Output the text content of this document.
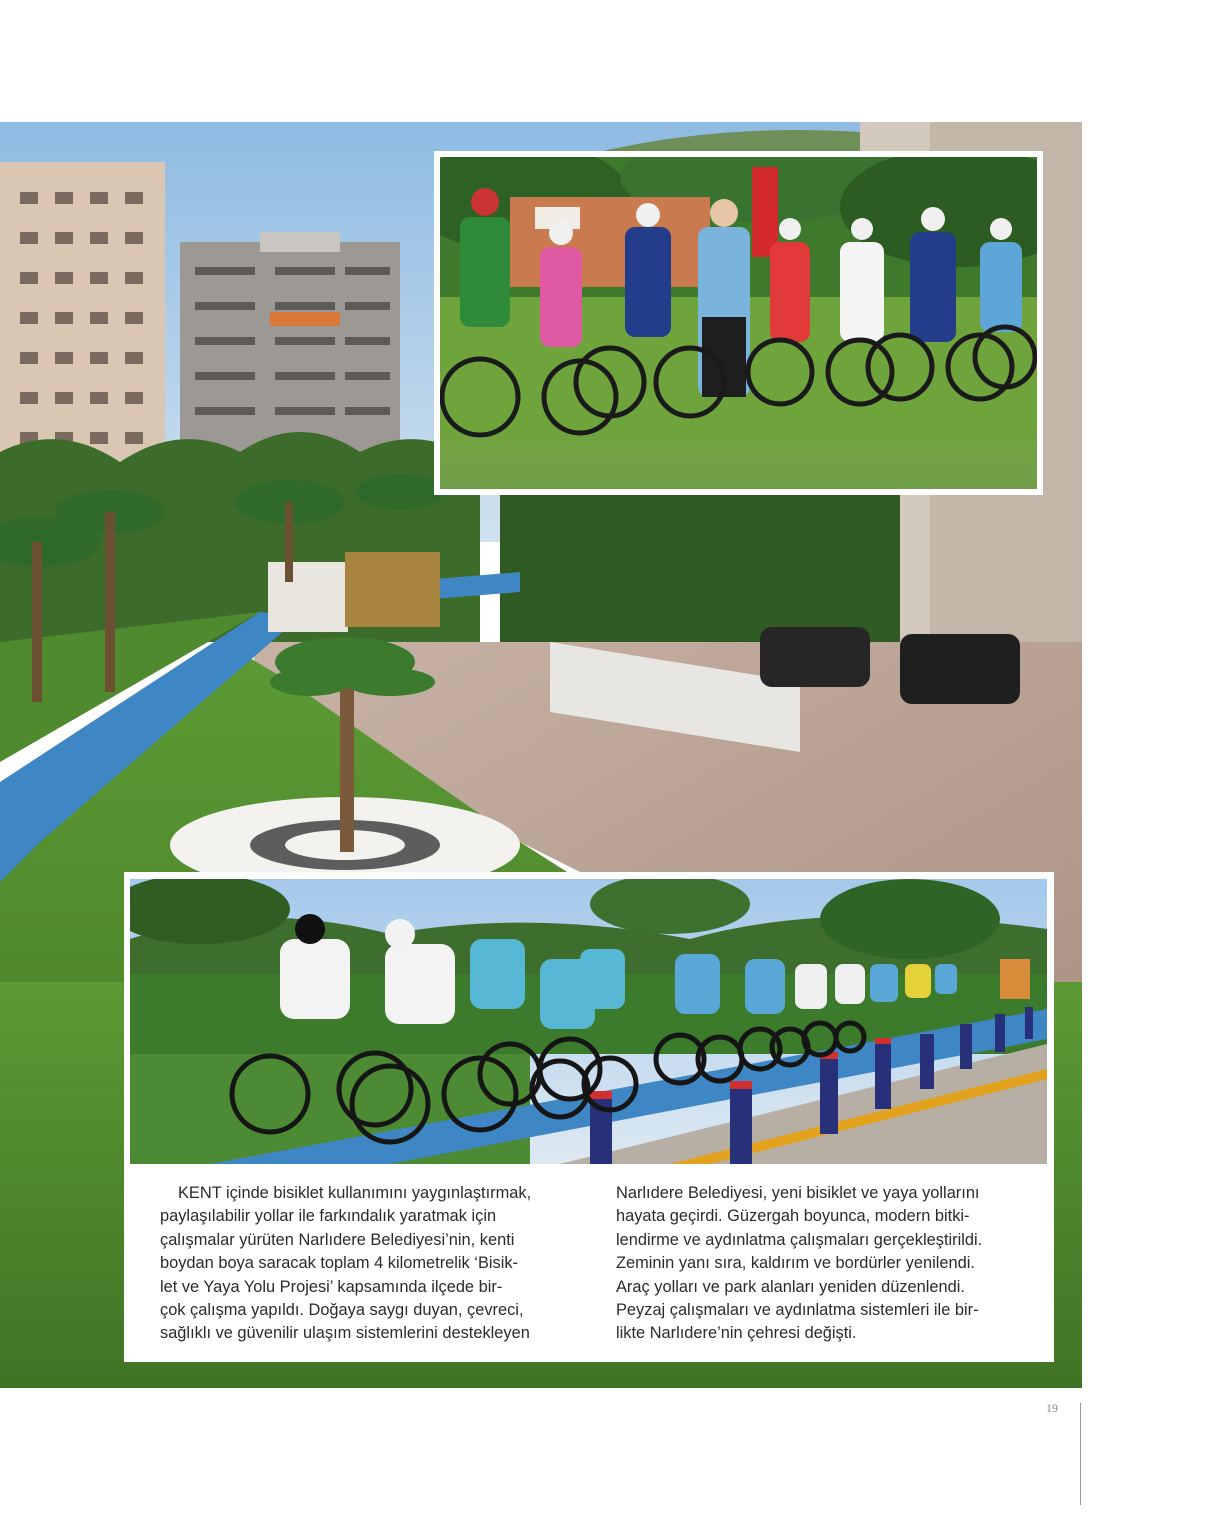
KENT içinde bisiklet kullanımını yaygınlaştırmak,
paylaşılabilir yollar ile farkındalık yaratmak için
çalışmalar yürüten Narlıdere Belediyesi’nin, kenti
boydan boya saracak toplam 4 kilometrelik ‘Bisik-
let ve Yaya Yolu Projesi’ kapsamında ilçede bir-
çok çalışma yapıldı. Doğaya saygı duyan, çevreci,
sağlıklı ve güvenilir ulaşım sistemlerini destekleyen
Narlıdere Belediyesi, yeni bisiklet ve yaya yollarını
hayata geçirdi. Güzergah boyunca, modern bitki-
lendirme ve aydınlatma çalışmaları gerçekleştirildi.
Zeminin yanı sıra, kaldırım ve bordürler yenilendi.
Araç yolları ve park alanları yeniden düzenlendi.
Peyzaj çalışmaları ve aydınlatma sistemleri ile bir-
likte Narlıdere’nin çehresi değişti.
19
